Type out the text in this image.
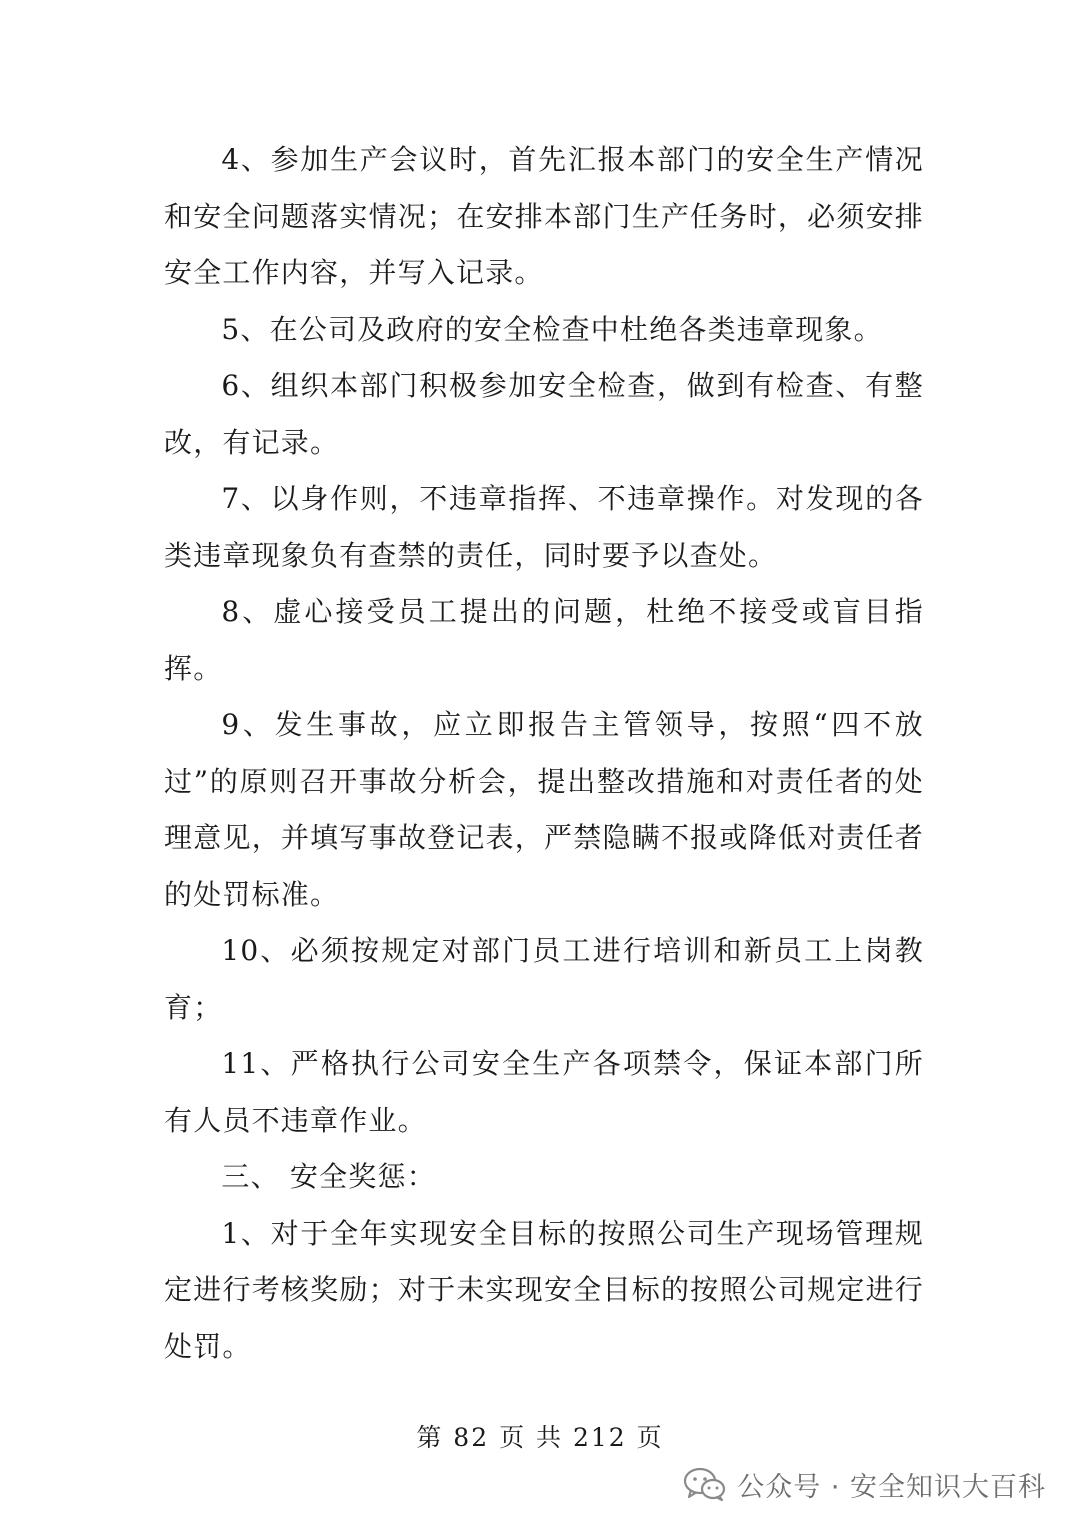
4、参加生产会议时，首先汇报本部门的安全生产情况和安全问题落实情况；在安排本部门生产任务时，必须安排安全工作内容，并写入记录。

5、在公司及政府的安全检查中杜绝各类违章现象。

6、组织本部门积极参加安全检查，做到有检查、有整改，有记录。

7、以身作则，不违章指挥、不违章操作。对发现的各类违章现象负有查禁的责任，同时要予以查处。

8、虚心接受员工提出的问题，杜绝不接受或盲目指挥。

9、发生事故，应立即报告主管领导，按照“四不放过”的原则召开事故分析会，提出整改措施和对责任者的处理意见，并填写事故登记表，严禁隐瞒不报或降低对责任者的处罚标准。

10、必须按规定对部门员工进行培训和新员工上岗教育；

11、严格执行公司安全生产各项禁令，保证本部门所有人员不违章作业。

三、 安全奖惩：

1、对于全年实现安全目标的按照公司生产现场管理规定进行考核奖励；对于未实现安全目标的按照公司规定进行处罚。

第 82 页 共 212 页
公众号 · 安全知识大百科
